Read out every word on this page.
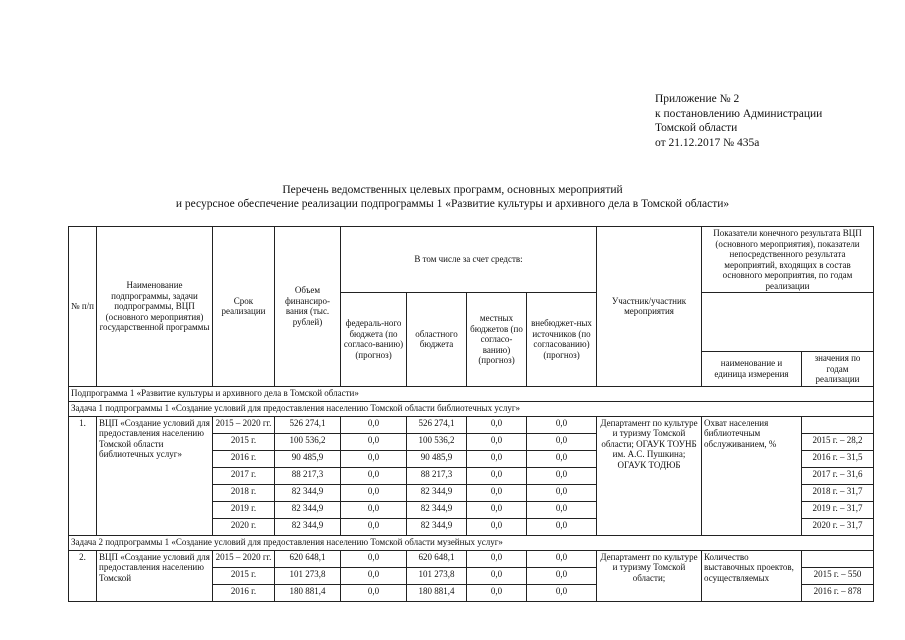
Приложение № 2
к постановлению Администрации
Томской области
от 21.12.2017 № 435а
Перечень ведомственных целевых программ, основных мероприятий
и ресурсное обеспечение реализации подпрограммы 1 «Развитие культуры и архивного дела в Томской области»
№ п/п	Наименование подпрограммы, задачи подпрограммы, ВЦП (основного мероприятия) государственной программы	Срок реализации	Объем финансиро-вания (тыс. рублей)	В том числе за счет средств:				Участник/участник мероприятия	Показатели конечного результата ВЦП (основного мероприятия), показатели непосредственного результата мероприятий, входящих в состав основного мероприятия, по годам реализации	
				федераль-ного бюджета (по согласо-ванию) (прогноз)	областного бюджета	местных бюджетов (по согласо-ванию) (прогноз)	внебюджет-ных источников (по согласованию) (прогноз)			
									наименование и единица измерения	значения по годам реализации
Подпрограмма 1 «Развитие культуры и архивного дела в Томской области»										
Задача 1 подпрограммы 1 «Создание условий для предоставления населению Томской области библиотечных услуг»										
1.	ВЦП «Создание условий для предоставления населению Томской области библиотечных услуг»	2015 – 2020 гг.	526 274,1	0,0	526 274,1	0,0	0,0	Департамент по культуре и туризму Томской области; ОГАУК ТОУНБ им. А.С. Пушкина; ОГАУК ТОДЮБ	Охват населения библиотечным обслуживанием, %	
		2015 г.	100 536,2	0,0	100 536,2	0,0	0,0			2015 г. – 28,2
		2016 г.	90 485,9	0,0	90 485,9	0,0	0,0			2016 г. – 31,5
		2017 г.	88 217,3	0,0	88 217,3	0,0	0,0			2017 г. – 31,6
		2018 г.	82 344,9	0,0	82 344,9	0,0	0,0			2018 г. – 31,7
		2019 г.	82 344,9	0,0	82 344,9	0,0	0,0			2019 г. – 31,7
		2020 г.	82 344,9	0,0	82 344,9	0,0	0,0			2020 г. – 31,7
Задача 2 подпрограммы 1 «Создание условий для предоставления населению Томской области музейных услуг»										
2.	ВЦП «Создание условий для предоставления населению Томской	2015 – 2020 гг.	620 648,1	0,0	620 648,1	0,0	0,0	Департамент по культуре и туризму Томской области;	Количество выставочных проектов, осуществляемых	
		2015 г.	101 273,8	0,0	101 273,8	0,0	0,0			2015 г. – 550
		2016 г.	180 881,4	0,0	180 881,4	0,0	0,0			2016 г. – 878
